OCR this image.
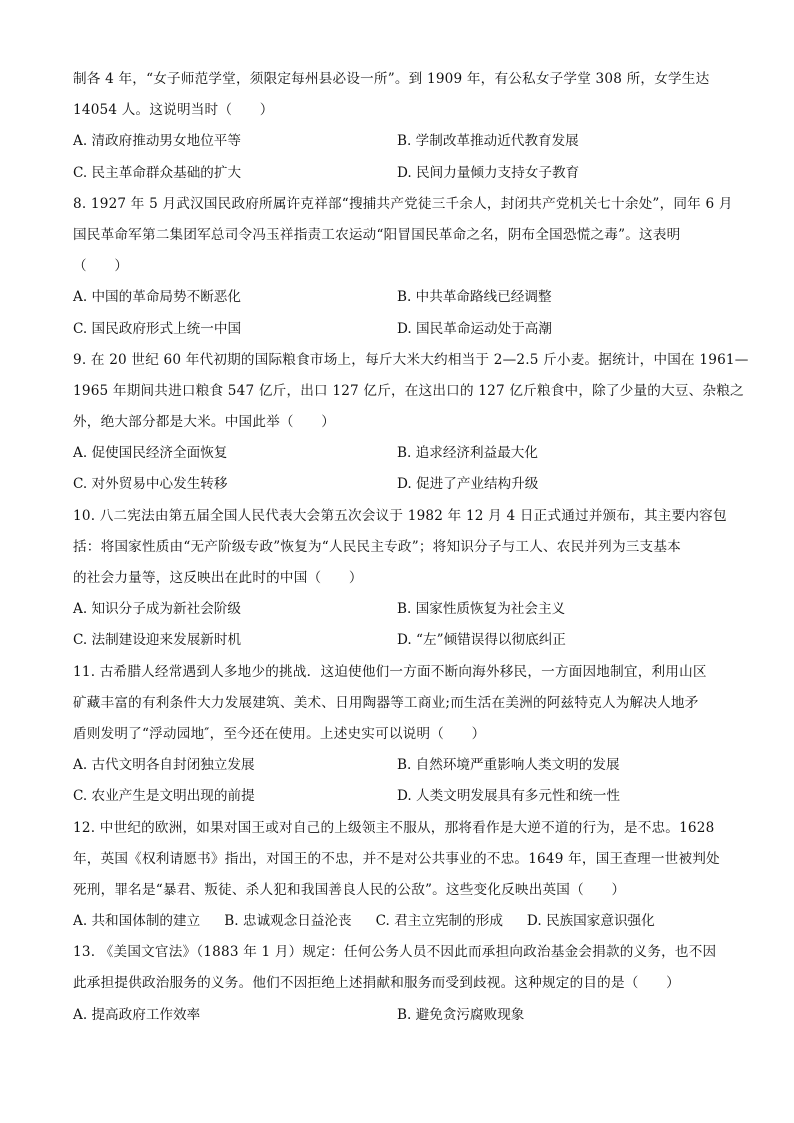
制各 4 年，“女子师范学堂，须限定每州县必设一所”。到 1909 年，有公私女子学堂 308 所，女学生达
14054 人。这说明当时（　　）
A. 清政府推动男女地位平等	B. 学制改革推动近代教育发展
C. 民主革命群众基础的扩大	D. 民间力量倾力支持女子教育
8. 1927 年 5 月武汉国民政府所属许克祥部“搜捕共产党徒三千余人，封闭共产党机关七十余处”，同年 6 月
国民革命军第二集团军总司令冯玉祥指责工农运动“阳冒国民革命之名，阴布全国恐慌之毒”。这表明
（　　）
A. 中国的革命局势不断恶化	B. 中共革命路线已经调整
C. 国民政府形式上统一中国	D. 国民革命运动处于高潮
9. 在 20 世纪 60 年代初期的国际粮食市场上，每斤大米大约相当于 2—2.5 斤小麦。据统计，中国在 1961—
1965 年期间共进口粮食 547 亿斤，出口 127 亿斤，在这出口的 127 亿斤粮食中，除了少量的大豆、杂粮之
外，绝大部分都是大米。中国此举（　　）
A. 促使国民经济全面恢复	B. 追求经济利益最大化
C. 对外贸易中心发生转移	D. 促进了产业结构升级
10. 八二宪法由第五届全国人民代表大会第五次会议于 1982 年 12 月 4 日正式通过并颁布，其主要内容包
括：将国家性质由“无产阶级专政”恢复为“人民民主专政”；将知识分子与工人、农民并列为三支基本
的社会力量等，这反映出在此时的中国（　　）
A. 知识分子成为新社会阶级	B. 国家性质恢复为社会主义
C. 法制建设迎来发展新时机	D. “左”倾错误得以彻底纠正
11. 古希腊人经常遇到人多地少的挑战．这迫使他们一方面不断向海外移民，一方面因地制宜，利用山区
矿藏丰富的有利条件大力发展建筑、美术、日用陶器等工商业;而生活在美洲的阿兹特克人为解决人地矛
盾则发明了“浮动园地″，至今还在使用。上述史实可以说明（　　）
A. 古代文明各自封闭独立发展	B. 自然环境严重影响人类文明的发展
C. 农业产生是文明出现的前提	D. 人类文明发展具有多元性和统一性
12. 中世纪的欧洲，如果对国王或对自己的上级领主不服从，那将看作是大逆不道的行为，是不忠。1628
年，英国《权利请愿书》指出，对国王的不忠，并不是对公共事业的不忠。1649 年，国王查理一世被判处
死刑，罪名是“暴君、叛徒、杀人犯和我国善良人民的公敌”。这些变化反映出英国（　　）
A. 共和国体制的建立 B. 忠诚观念日益沦丧 C. 君主立宪制的形成 D. 民族国家意识强化
13. 《美国文官法》（1883 年 1 月）规定：任何公务人员不因此而承担向政治基金会捐款的义务，也不因
此承担提供政治服务的义务。他们不因拒绝上述捐献和服务而受到歧视。这种规定的目的是（　　）
A. 提高政府工作效率	B. 避免贪污腐败现象
